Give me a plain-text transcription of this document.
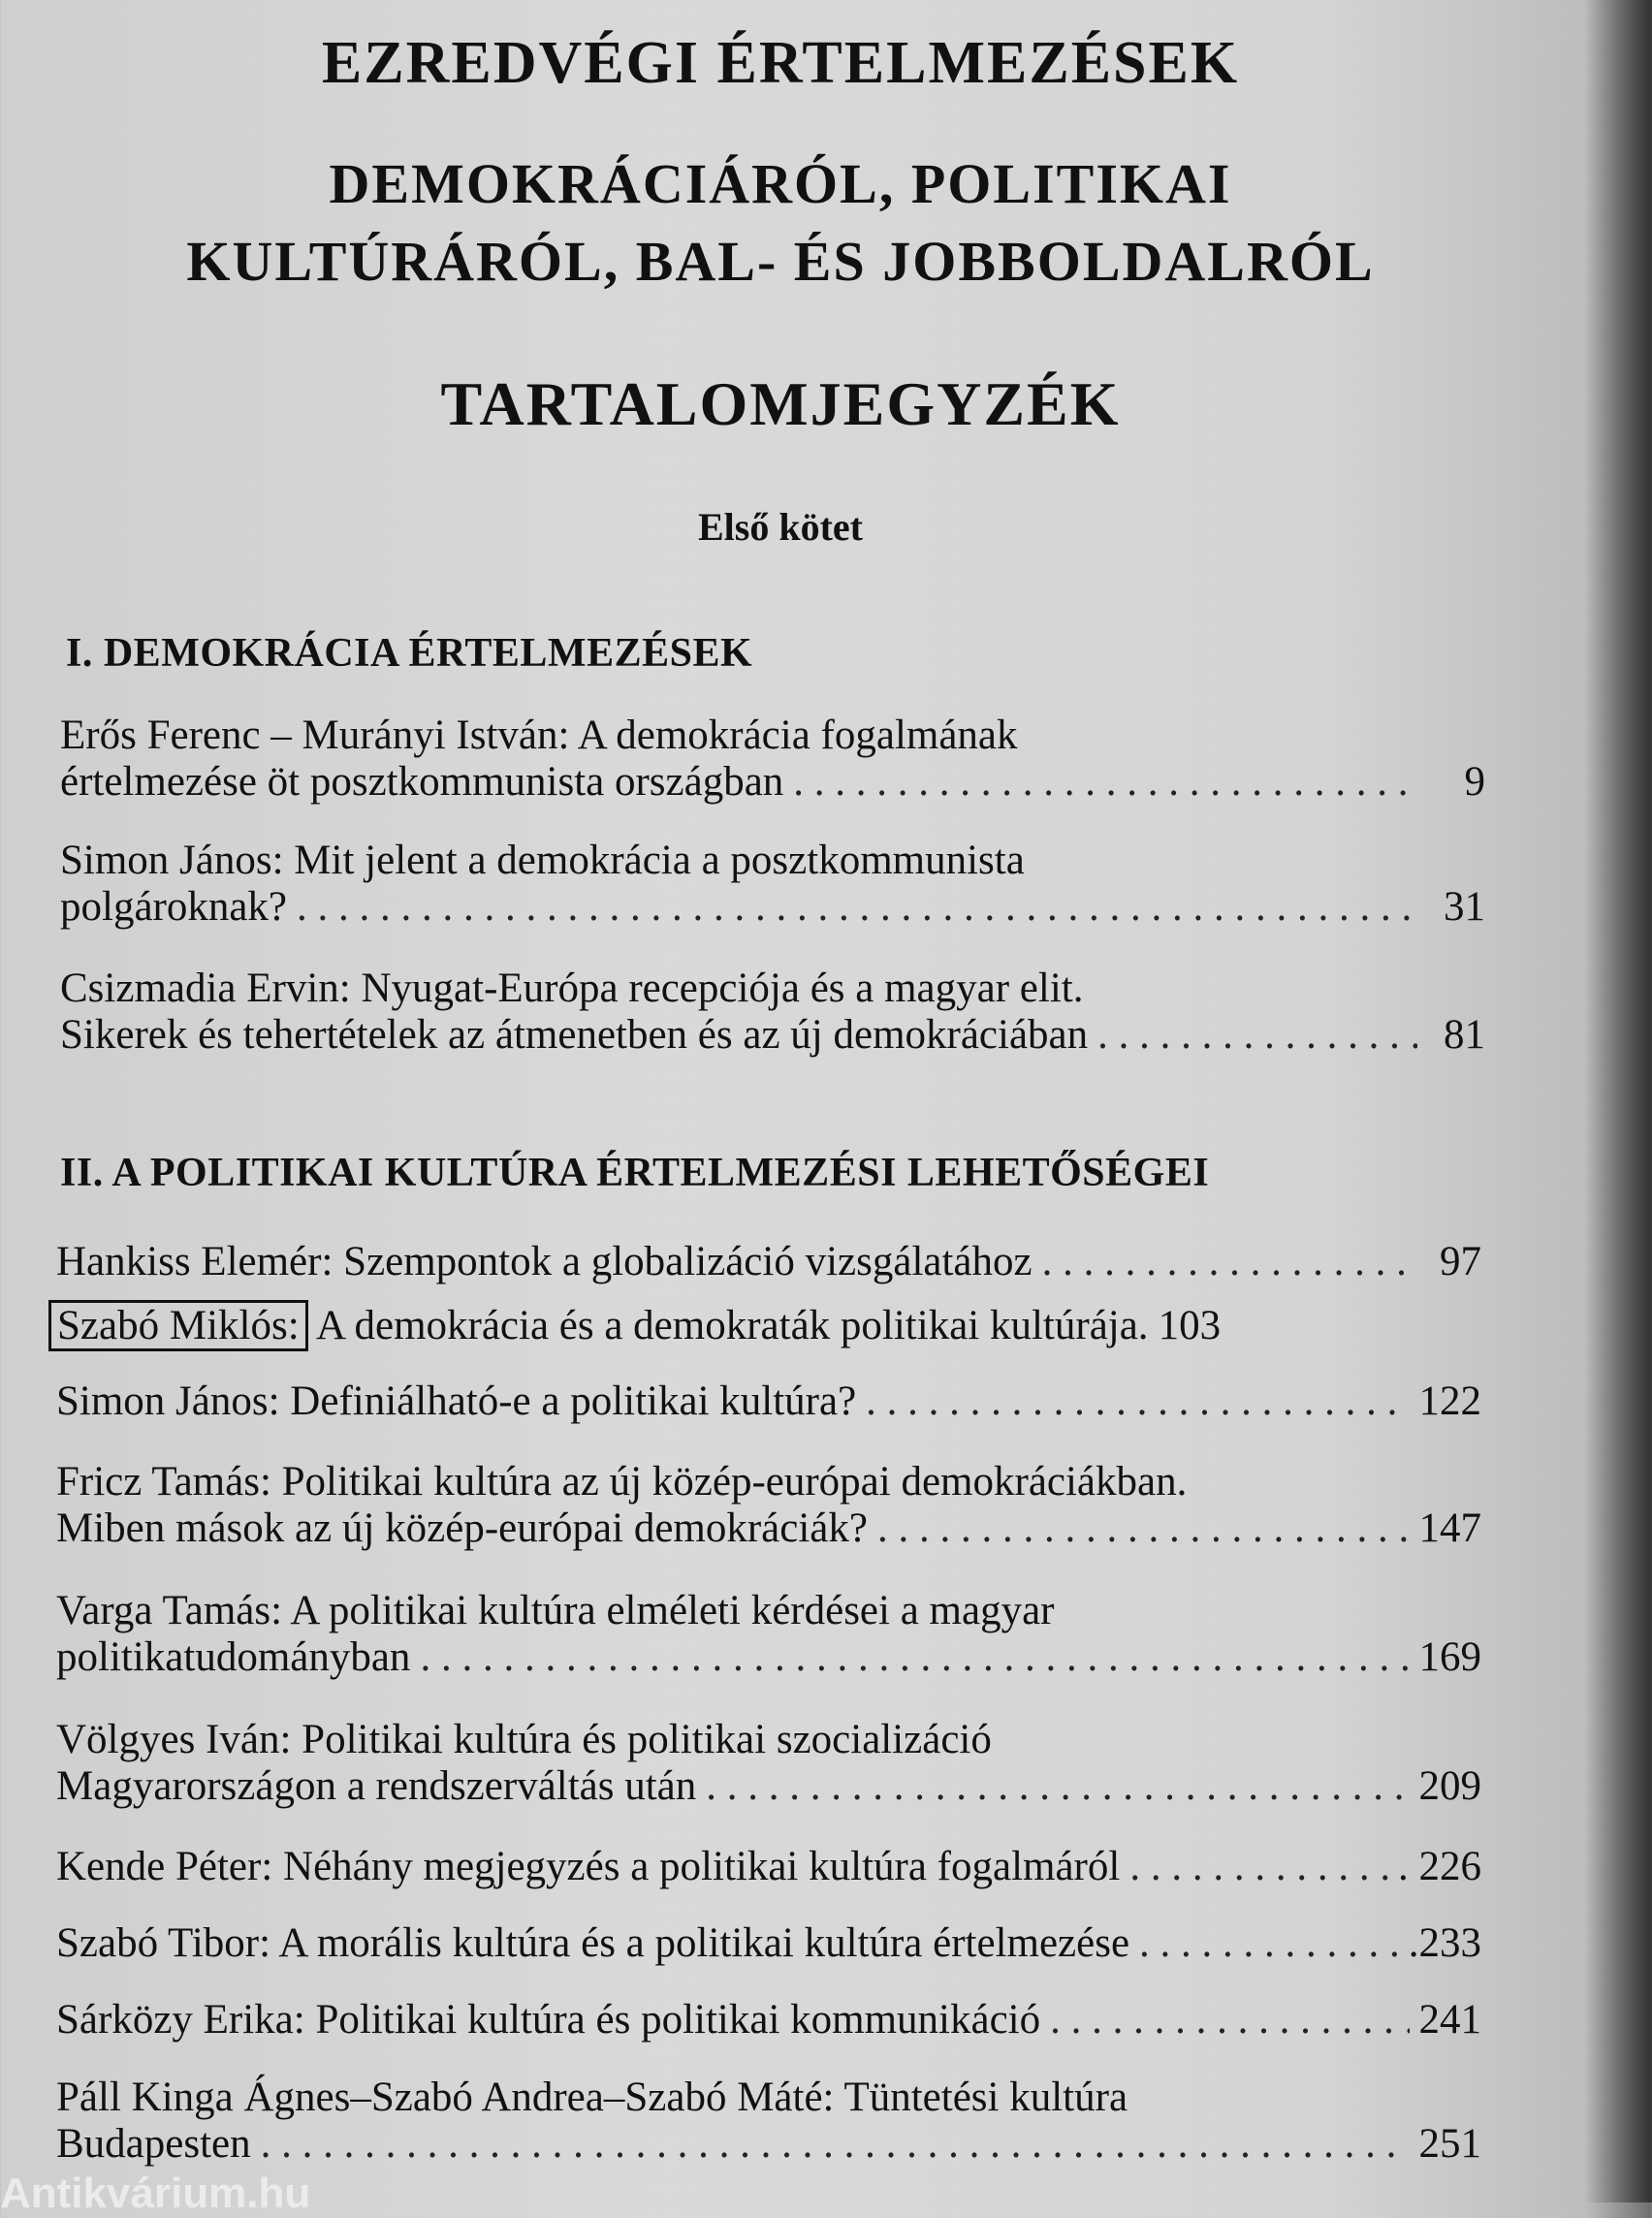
EZREDVÉGI ÉRTELMEZÉSEK
DEMOKRÁCIÁRÓL, POLITIKAI
KULTÚRÁRÓL, BAL- ÉS JOBBOLDALRÓL
TARTALOMJEGYZÉK
Első kötet
I. DEMOKRÁCIA ÉRTELMEZÉSEK
Erős Ferenc – Murányi István: A demokrácia fogalmának
értelmezése öt posztkommunista országban . . .	9
Simon János: Mit jelent a demokrácia a posztkommunista
polgároknak? . . .	31
Csizmadia Ervin: Nyugat-Európa recepciója és a magyar elit.
Sikerek és tehertételek az átmenetben és az új demokráciában . . .	81
II. A POLITIKAI KULTÚRA ÉRTELMEZÉSI LEHETŐSÉGEI
Hankiss Elemér: Szempontok a globalizáció vizsgálatához . . .	97
Szabó Miklós: A demokrácia és a demokraták politikai kultúrája. 103
Simon János: Definiálható-e a politikai kultúra? . . .	122
Fricz Tamás: Politikai kultúra az új közép-európai demokráciákban.
Miben mások az új közép-európai demokráciák? . . .	147
Varga Tamás: A politikai kultúra elméleti kérdései a magyar
politikatudományban . . .	169
Völgyes Iván: Politikai kultúra és politikai szocializáció
Magyarországon a rendszerváltás után . . .	209
Kende Péter: Néhány megjegyzés a politikai kultúra fogalmáról . . .	. 226
Szabó Tibor: A morális kultúra és a politikai kultúra értelmezése . . .	.233
Sárközy Erika: Politikai kultúra és politikai kommunikáció . . .	241
Páll Kinga Ágnes–Szabó Andrea–Szabó Máté: Tüntetési kultúra
Budapesten . . .	251
Antikvárium.hu
